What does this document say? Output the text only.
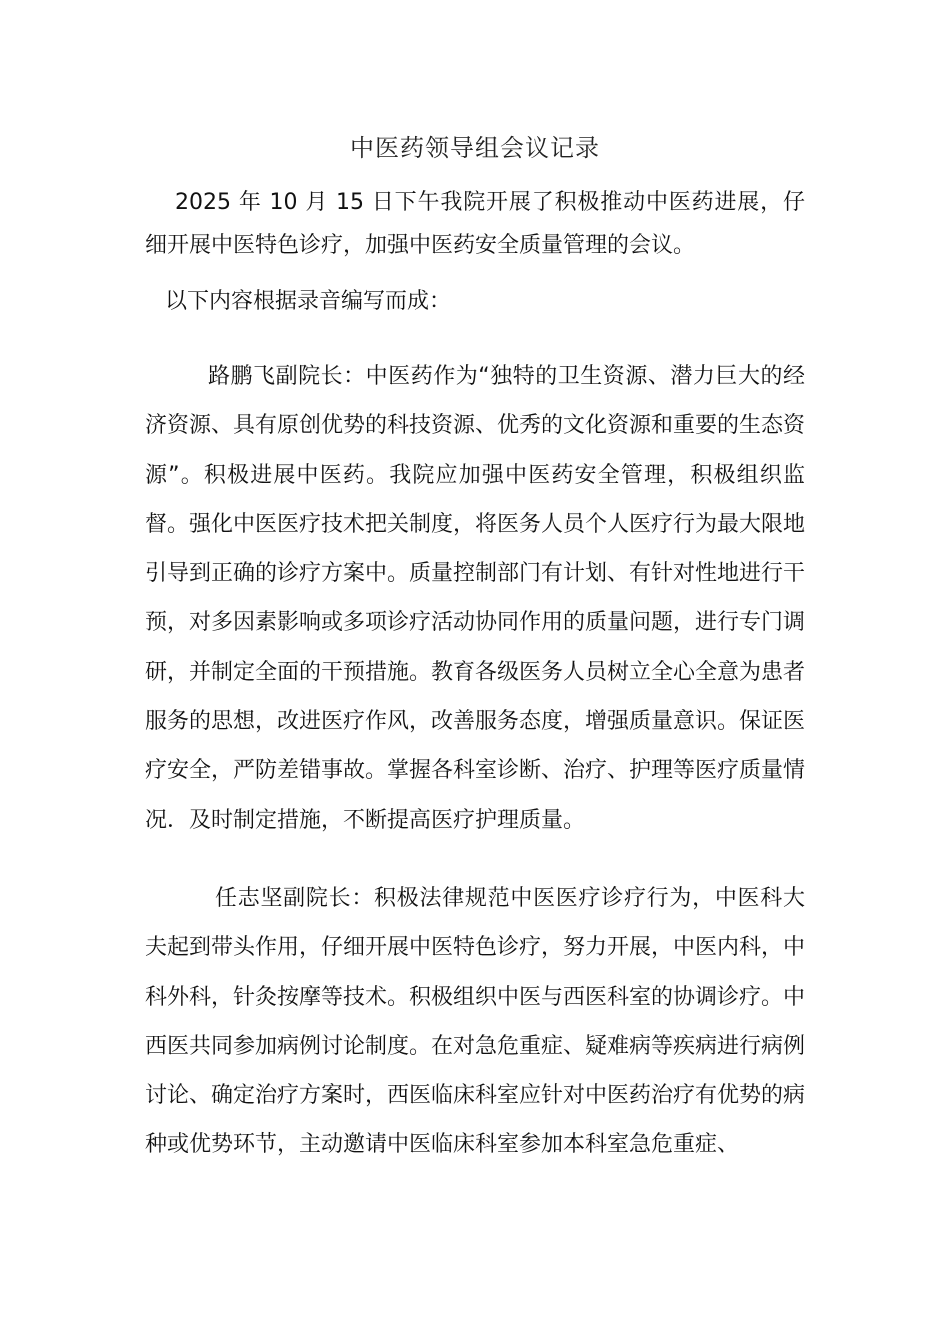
中医药领导组会议记录

2025 年 10 月 15 日下午我院开展了积极推动中医药进展，仔细开展中医特色诊疗，加强中医药安全质量管理的会议。

以下内容根据录音编写而成：

路鹏飞副院长：中医药作为“独特的卫生资源、潜力巨大的经济资源、具有原创优势的科技资源、优秀的文化资源和重要的生态资源”。积极进展中医药。我院应加强中医药安全管理，积极组织监督。强化中医医疗技术把关制度，将医务人员个人医疗行为最大限地引导到正确的诊疗方案中。质量控制部门有计划、有针对性地进行干预，对多因素影响或多项诊疗活动协同作用的质量问题，进行专门调研，并制定全面的干预措施。教育各级医务人员树立全心全意为患者服务的思想，改进医疗作风，改善服务态度，增强质量意识。保证医疗安全，严防差错事故。掌握各科室诊断、治疗、护理等医疗质量情况．及时制定措施，不断提高医疗护理质量。

任志坚副院长：积极法律规范中医医疗诊疗行为，中医科大夫起到带头作用，仔细开展中医特色诊疗，努力开展，中医内科，中科外科，针灸按摩等技术。积极组织中医与西医科室的协调诊疗。中西医共同参加病例讨论制度。在对急危重症、疑难病等疾病进行病例讨论、确定治疗方案时，西医临床科室应针对中医药治疗有优势的病种或优势环节，主动邀请中医临床科室参加本科室急危重症、
